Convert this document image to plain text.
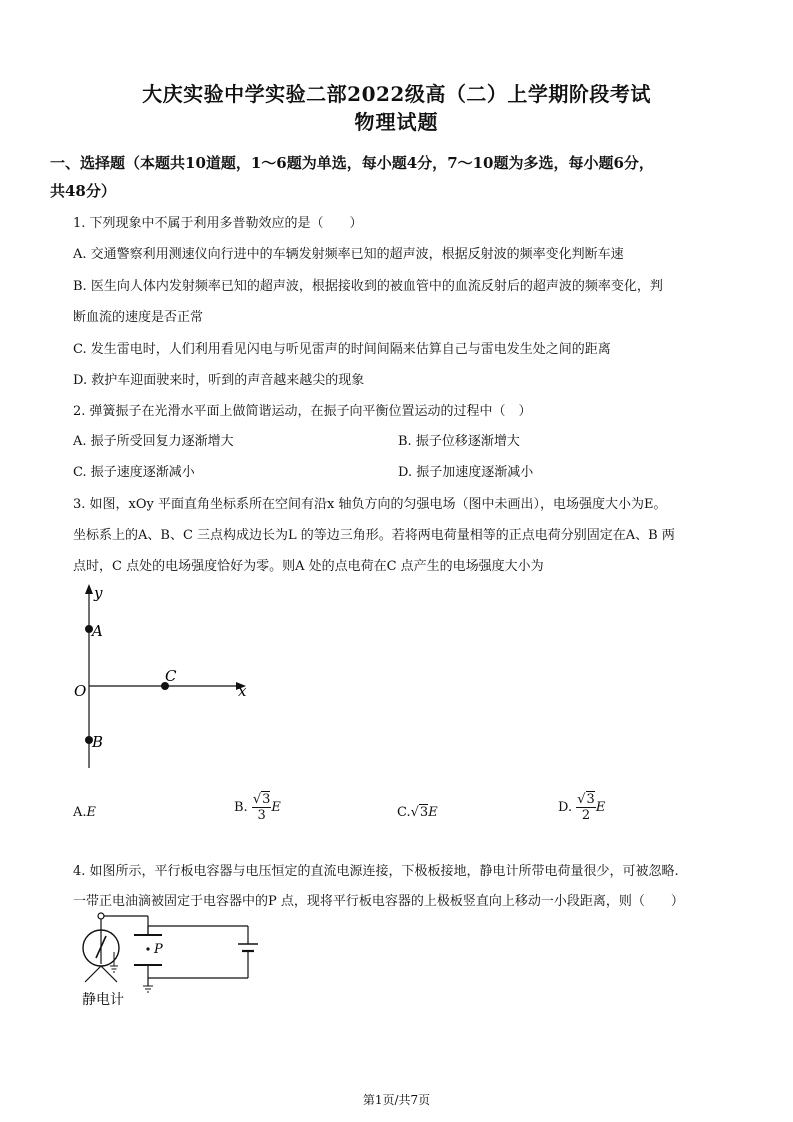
大庆实验中学实验二部2022级高（二）上学期阶段考试
物理试题
一、选择题（本题共10道题，1～6题为单选，每小题4分，7～10题为多选，每小题6分，
共48分）
1. 下列现象中不属于利用多普勒效应的是（　　）
A. 交通警察利用测速仪向行进中的车辆发射频率已知的超声波，根据反射波的频率变化判断车速
B. 医生向人体内发射频率已知的超声波，根据接收到的被血管中的血流反射后的超声波的频率变化，判
断血流的速度是否正常
C. 发生雷电时，人们利用看见闪电与听见雷声的时间间隔来估算自己与雷电发生处之间的距离
D. 救护车迎面驶来时，听到的声音越来越尖的现象
2. 弹簧振子在光滑水平面上做简谐运动，在振子向平衡位置运动的过程中（　）
A. 振子所受回复力逐渐增大	B. 振子位移逐渐增大
C. 振子速度逐渐减小	D. 振子加速度逐渐减小
3. 如图，xOy 平面直角坐标系所在空间有沿x 轴负方向的匀强电场（图中未画出），电场强度大小为E。
坐标系上的A、B、C 三点构成边长为L 的等边三角形。若将两电荷量相等的正点电荷分别固定在A、B 两
点时，C 点处的电场强度恰好为零。则A 处的点电荷在C 点产生的电场强度大小为
y
x
O
A
B
C
A.E	B. $\frac{√3}{3}$ E	C.√3E	D. $\frac{√3}{2}$ E
4. 如图所示，平行板电容器与电压恒定的直流电源连接，下极板接地，静电计所带电荷量很少，可被忽略.
一带正电油滴被固定于电容器中的P 点，现将平行板电容器的上极板竖直向上移动一小段距离，则（　　）
P
静电计
第1页/共7页
